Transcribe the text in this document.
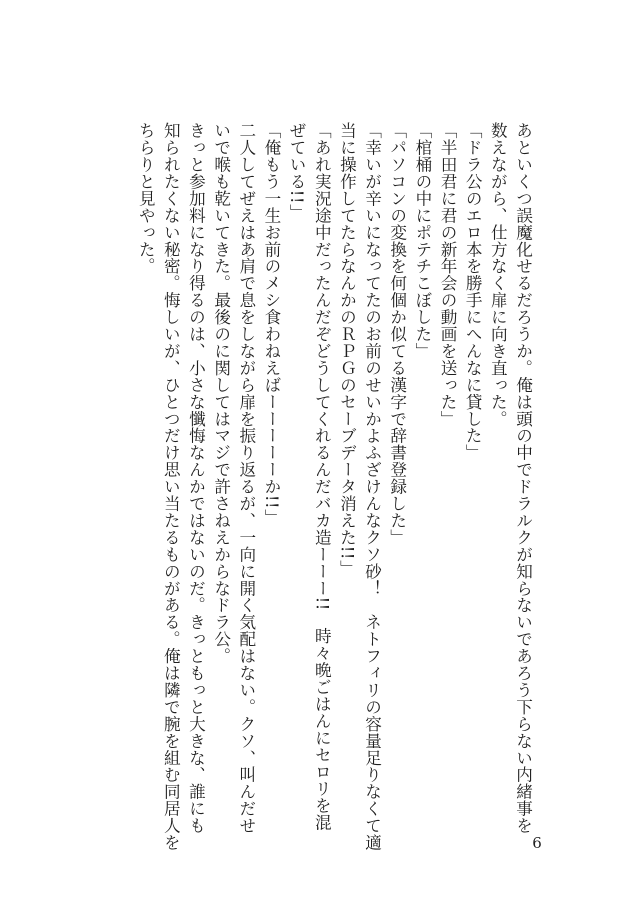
あといくつ誤魔化せるだろうか。俺は頭の中でドラルクが知らないであろう下らない内緒事を
数えながら、仕方なく扉に向き直った。
「ドラ公のエロ本を勝手にへんなに貸した」
「半田君に君の新年会の動画を送った」
「棺桶の中にポテチこぼした」
「パソコンの変換を何個か似てる漢字で辞書登録した」
「幸いが辛いになってたのお前のせいかよふざけんなクソ砂！　ネトフィリの容量足りなくて適
当に操作してたらなんかのＲＰＧのセーブデータ消えた!!」
「あれ実況途中だったんだぞどうしてくれるんだバカ造ーーー!!　時々晩ごはんにセロリを混
ぜている!!」
「俺もう一生お前のメシ食わねえばーーーーーか!!」
二人してぜえはあ肩で息をしながら扉を振り返るが、一向に開く気配はない。クソ、叫んだせ
いで喉も乾いてきた。最後のに関してはマジで許さねえからなドラ公。
きっと参加料になり得るのは、小さな懺悔なんかではないのだ。きっともっと大きな、誰にも
知られたくない秘密。悔しいが、ひとつだけ思い当たるものがある。俺は隣で腕を組む同居人を
ちらりと見やった。
6
